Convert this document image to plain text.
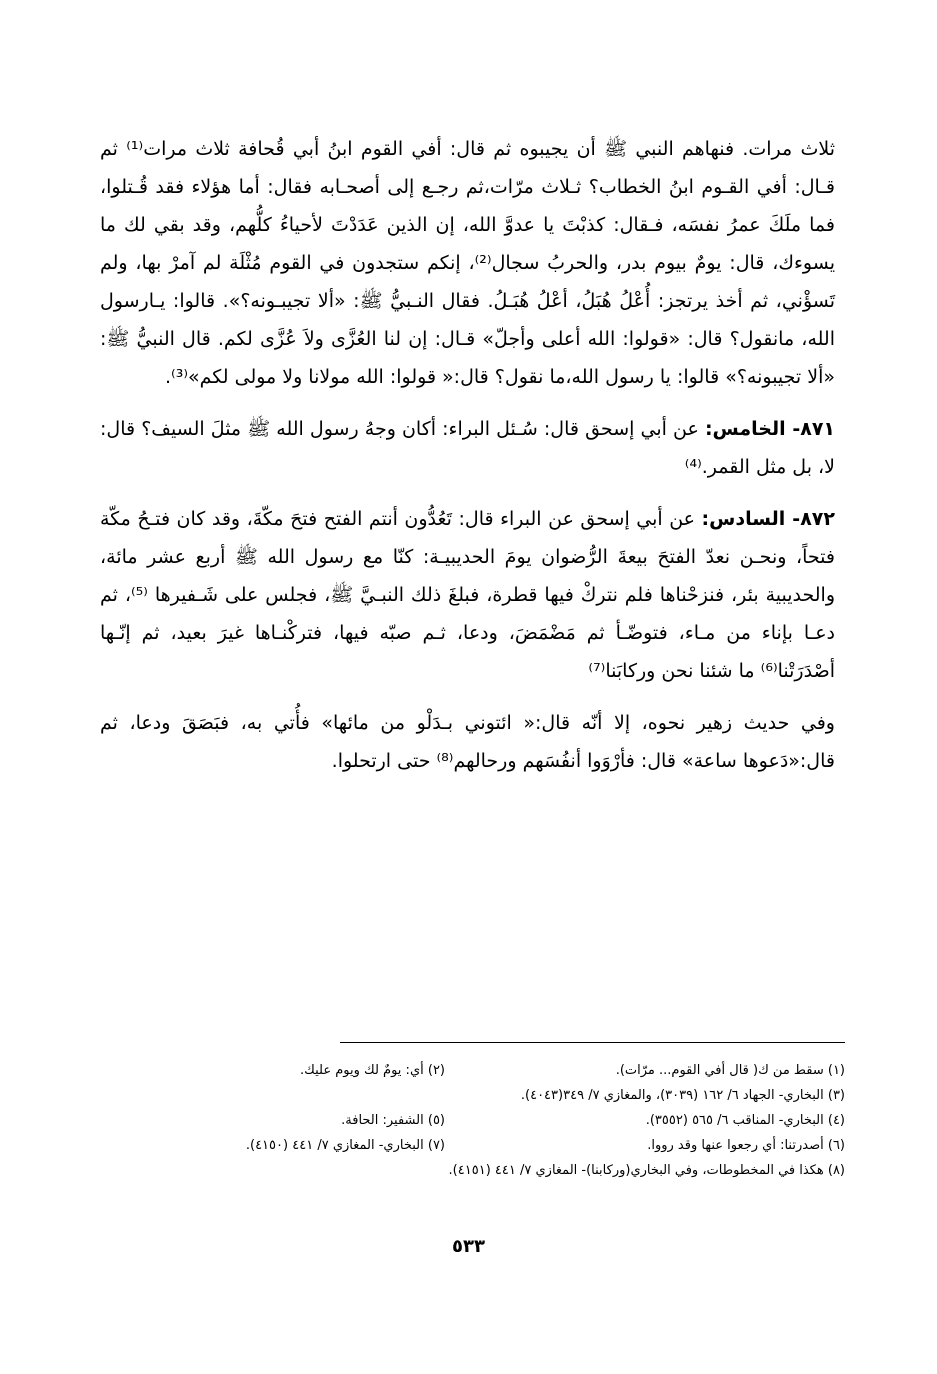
ثلاث مرات. فنهاهم النبي ﷺ أن يجيبوه ثم قال: أفي القوم ابنُ أبي قُحافة ثلاث مرات⁽¹⁾ ثم قـال: أفي القـوم ابنُ الخطاب؟ ثـلاث مرّات،ثم رجـع إلى أصحـابه فقال: أما هؤلاء فقد قُـتلوا، فما ملَكَ عمرُ نفسَه، فـقال: كذبْتَ يا عدوَّ الله، إن الذين عَدَدْتَ لأحياءُ كلُّهم، وقد بقي لك ما يسوءك، قال: يومٌ بيوم بدر، والحربُ سجال⁽²⁾، إنكم ستجدون في القوم مُثْلَة لم آمرْ بها، ولم تَسؤْني، ثم أخذ يرتجز: أُعْلُ هُبَلُ، أعْلُ هُبَـلُ. فقال النـبيُّ ﷺ: «ألا تجيبـونه؟». قالوا: يـارسول الله، مانقول؟ قال: «قولوا: الله أعلى وأجلّ» قـال: إن لنا العُزَّى ولاَ عُزَّى لكم. قال النبيُّ ﷺ: «ألا تجيبونه؟» قالوا: يا رسول الله،ما نقول؟ قال:« قولوا: الله مولانا ولا مولى لكم»⁽³⁾.

٨٧١- الخامس: عن أبي إسحق قال: سُـئل البراء: أكان وجهُ رسول الله ﷺ مثلَ السيف؟ قال: لا، بل مثل القمر.⁽⁴⁾

٨٧٢- السادس: عن أبي إسحق عن البراء قال: تَعُدُّون أنتم الفتح فتحَ مكّةَ، وقد كان فتـحُ مكّة فتحاً، ونحـن نعدّ الفتحَ بيعةَ الرُّضوان يومَ الحديبيـة: كنّا مع رسول الله ﷺ أربع عشر مائة، والحديبية بئر، فنزحْناها فلم نتركْ فيها قطرة، فبلغَ ذلك النبـيَّ ﷺ، فجلس على شَـفيرها ⁽⁵⁾، ثم دعـا بإناء من مـاء، فتوضّـأ ثم مَضْمَضَ، ودعا، ثـم صبّه فيها، فتركْنـاها غيرَ بعيد، ثم إنّـها أصْدَرَتْنا⁽⁶⁾ ما شئنا نحن وركابَنا⁽⁷⁾

وفي حديث زهير نحوه، إلا أنّه قال:« ائتوني بـدَلْو من مائها» فأُتي به، فبَصَقَ ودعا، ثم قال:«دَعوها ساعة» قال: فأرْوَوا أنفُسَهم ورحالهم⁽⁸⁾ حتى ارتحلوا.

(١) سقط من ك( قال أفي القوم... مرّات).
(٢) أي: يومٌ لك ويوم عليك.
(٣) البخاري- الجهاد ٦/ ١٦٢ (٣٠٣٩)، والمغازي ٧/ ٣٤٩(٤٠٤٣).
(٤) البخاري- المناقب ٦/ ٥٦٥ (٣٥٥٢).
(٥) الشفير: الحافة.
(٦) أصدرتنا: أي رجعوا عنها وقد رووا.
(٧) البخاري- المغازي ٧/ ٤٤١ (٤١٥٠).
(٨) هكذا في المخطوطات، وفي البخاري(وركابنا)- المغازي ٧/ ٤٤١ (٤١٥١).
٥٣٣
